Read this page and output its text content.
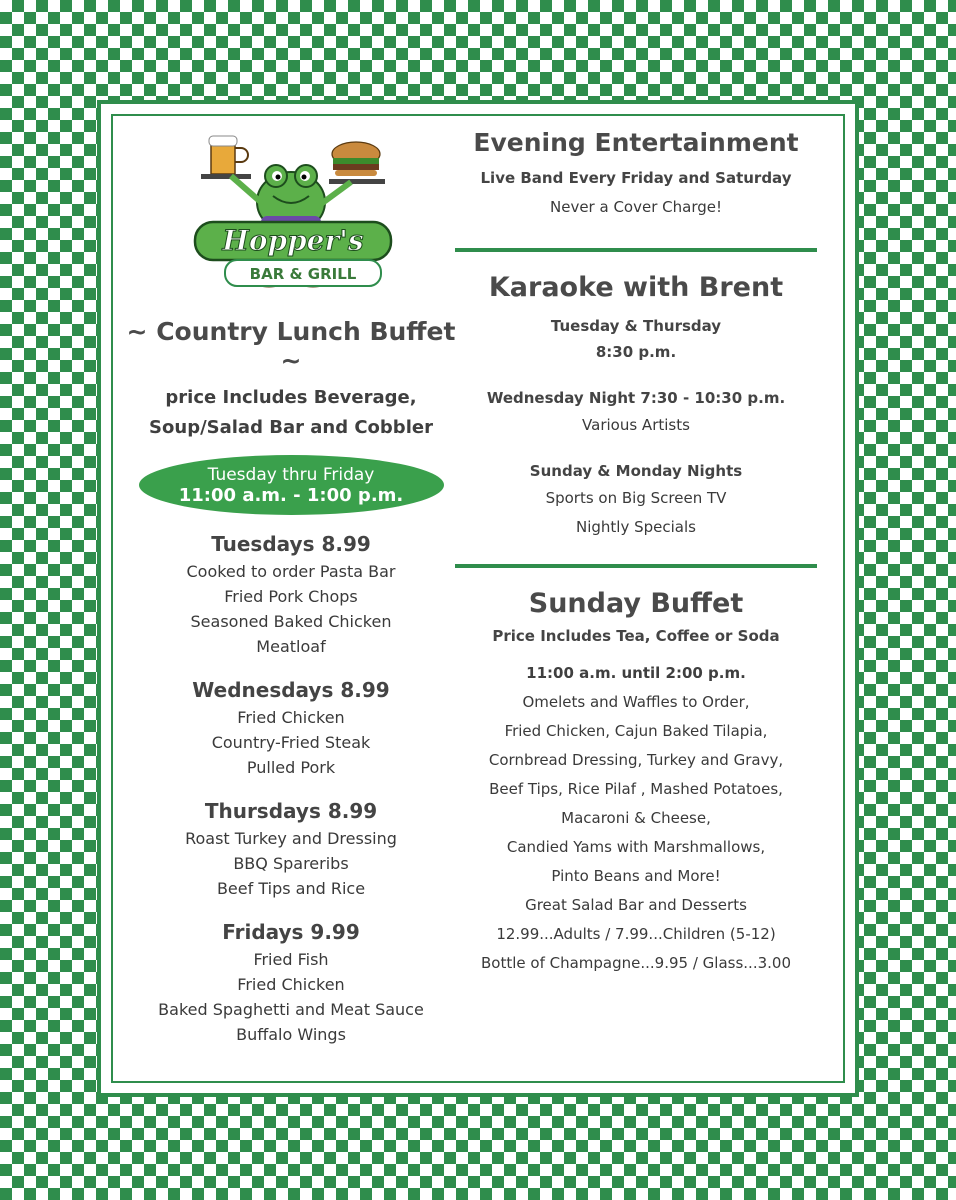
Hopper's
BAR & GRILL

~ Country Lunch Buffet ~

price Includes Beverage,

Soup/Salad Bar and Cobbler

Tuesday thru Friday
11:00 a.m. - 1:00 p.m.

Tuesdays 8.99

Cooked to order Pasta Bar

Fried Pork Chops

Seasoned Baked Chicken

Meatloaf

Wednesdays 8.99

Fried Chicken

Country-Fried Steak

Pulled Pork

Thursdays 8.99

Roast Turkey and Dressing

BBQ Spareribs

Beef Tips and Rice

Fridays 9.99

Fried Fish

Fried Chicken

Baked Spaghetti and Meat Sauce

Buffalo Wings

Evening Entertainment

Live Band Every Friday and Saturday

Never a Cover Charge!

Karaoke with Brent

Tuesday & Thursday

8:30 p.m.

Wednesday Night 7:30 - 10:30 p.m.

Various Artists

Sunday & Monday Nights

Sports on Big Screen TV

Nightly Specials

Sunday Buffet

Price Includes Tea, Coffee or Soda

11:00 a.m. until 2:00 p.m.

Omelets and Waffles to Order,

Fried Chicken, Cajun Baked Tilapia,

Cornbread Dressing, Turkey and Gravy,

Beef Tips, Rice Pilaf , Mashed Potatoes,

Macaroni & Cheese,

Candied Yams with Marshmallows,

Pinto Beans and More!

Great Salad Bar and Desserts

12.99...Adults / 7.99...Children (5-12)

Bottle of Champagne...9.95 / Glass...3.00
